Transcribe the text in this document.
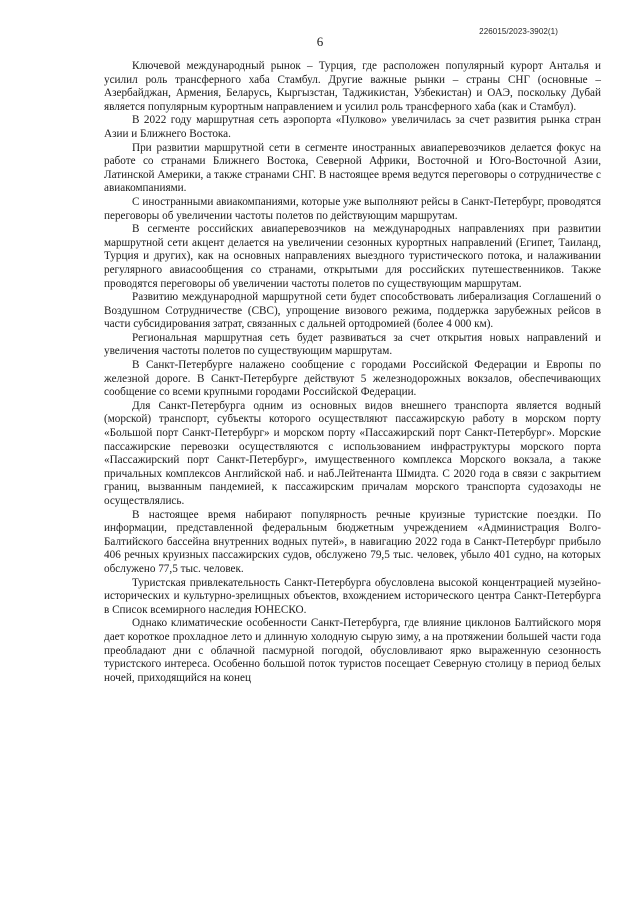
226015/2023-3902(1)
6

Ключевой международный рынок – Турция, где расположен популярный курорт Анталья и усилил роль трансферного хаба Стамбул. Другие важные рынки – страны СНГ (основные – Азербайджан, Армения, Беларусь, Кыргызстан, Таджикистан, Узбекистан) и ОАЭ, поскольку Дубай является популярным курортным направлением и усилил роль трансферного хаба (как и Стамбул).

В 2022 году маршрутная сеть аэропорта «Пулково» увеличилась за счет развития рынка стран Азии и Ближнего Востока.

При развитии маршрутной сети в сегменте иностранных авиаперевозчиков делается фокус на работе со странами Ближнего Востока, Северной Африки, Восточной и Юго-Восточной Азии, Латинской Америки, а также странами СНГ. В настоящее время ведутся переговоры о сотрудничестве с авиакомпаниями.

С иностранными авиакомпаниями, которые уже выполняют рейсы в Санкт-Петербург, проводятся переговоры об увеличении частоты полетов по действующим маршрутам.

В сегменте российских авиаперевозчиков на международных направлениях при развитии маршрутной сети акцент делается на увеличении сезонных курортных направлений (Египет, Таиланд, Турция и других), как на основных направлениях выездного туристического потока, и налаживании регулярного авиасообщения со странами, открытыми для российских путешественников. Также проводятся переговоры об увеличении частоты полетов по существующим маршрутам.

Развитию международной маршрутной сети будет способствовать либерализация Соглашений о Воздушном Сотрудничестве (СВС), упрощение визового режима, поддержка зарубежных рейсов в части субсидирования затрат, связанных с дальней ортодромией (более 4 000 км).

Региональная маршрутная сеть будет развиваться за счет открытия новых направлений и увеличения частоты полетов по существующим маршрутам.

В Санкт-Петербурге налажено сообщение с городами Российской Федерации и Европы по железной дороге. В Санкт-Петербурге действуют 5 железнодорожных вокзалов, обеспечивающих сообщение со всеми крупными городами Российской Федерации.

Для Санкт-Петербурга одним из основных видов внешнего транспорта является водный (морской) транспорт, субъекты которого осуществляют пассажирскую работу в морском порту «Большой порт Санкт-Петербург» и морском порту «Пассажирский порт Санкт-Петербург». Морские пассажирские перевозки осуществляются с использованием инфраструктуры морского порта «Пассажирский порт Санкт-Петербург», имущественного комплекса Морского вокзала, а также причальных комплексов Английской наб. и наб.Лейтенанта Шмидта. С 2020 года в связи с закрытием границ, вызванным пандемией, к пассажирским причалам морского транспорта судозаходы не осуществлялись.

В настоящее время набирают популярность речные круизные туристские поездки. По информации, представленной федеральным бюджетным учреждением «Администрация Волго-Балтийского бассейна внутренних водных путей», в навигацию 2022 года в Санкт-Петербург прибыло 406 речных круизных пассажирских судов, обслужено 79,5 тыс. человек, убыло 401 судно, на которых обслужено 77,5 тыс. человек.

Туристская привлекательность Санкт-Петербурга обусловлена высокой концентрацией музейно-исторических и культурно-зрелищных объектов, вхождением исторического центра Санкт-Петербурга в Список всемирного наследия ЮНЕСКО.

Однако климатические особенности Санкт-Петербурга, где влияние циклонов Балтийского моря дает короткое прохладное лето и длинную холодную сырую зиму, а на протяжении большей части года преобладают дни с облачной пасмурной погодой, обусловливают ярко выраженную сезонность туристского интереса. Особенно большой поток туристов посещает Северную столицу в период белых ночей, приходящийся на конец
